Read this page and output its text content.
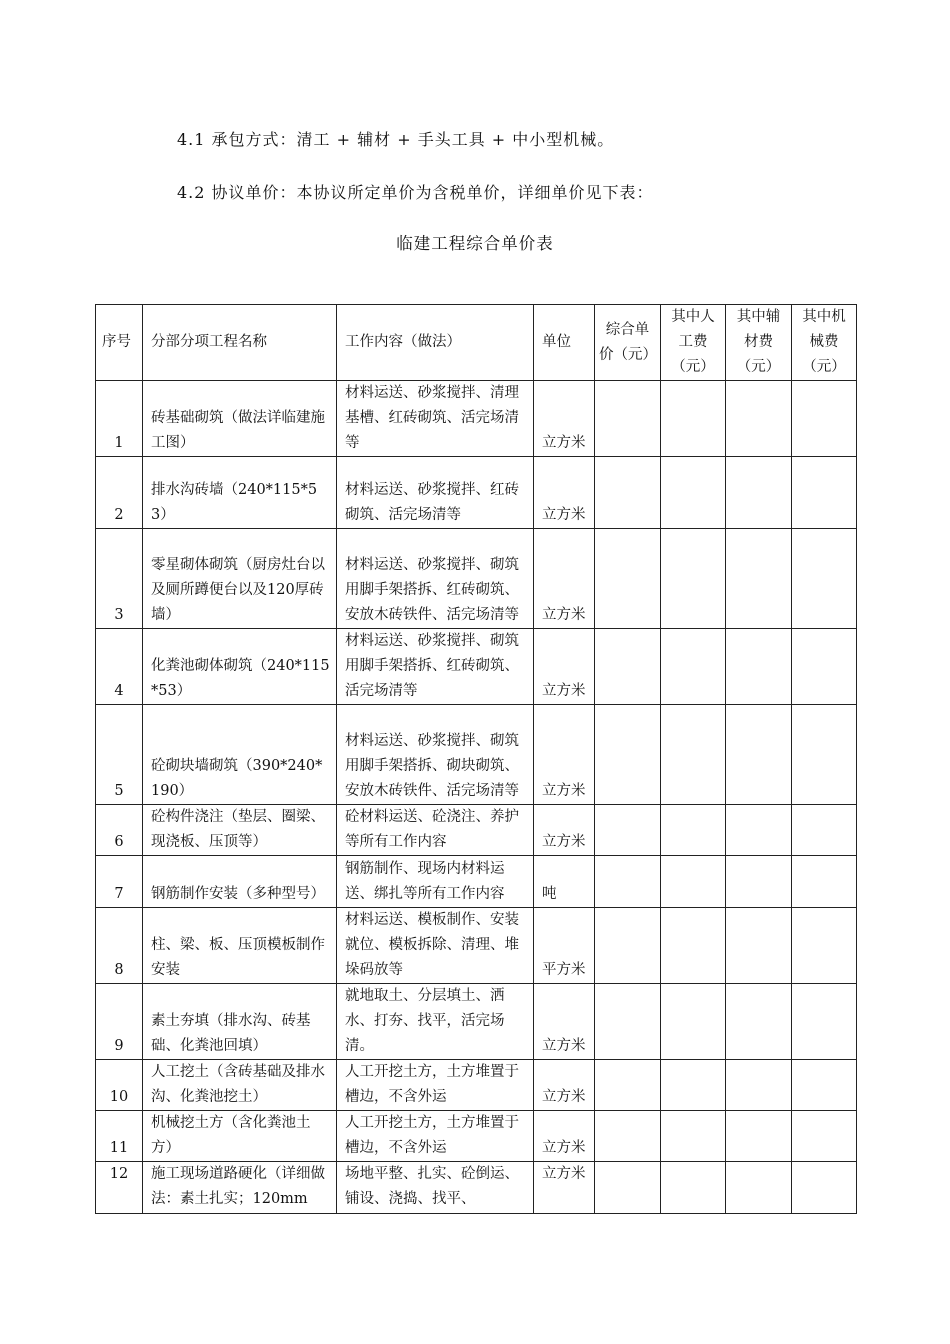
4.1 承包方式：清工 + 辅材 + 手头工具 + 中小型机械。
4.2 协议单价：本协议所定单价为含税单价，详细单价见下表：
临建工程综合单价表
序号	分部分项工程名称	工作内容（做法）	单位	综合单价（元）	其中人工费（元）	其中辅材费（元）	其中机械费（元）
1	砖基础砌筑（做法详临建施工图）	材料运送、砂浆搅拌、清理基槽、红砖砌筑、活完场清等	立方米				
2	排水沟砖墙（240*115*53）	材料运送、砂浆搅拌、红砖砌筑、活完场清等	立方米				
3	零星砌体砌筑（厨房灶台以及厕所蹲便台以及120厚砖墙）	材料运送、砂浆搅拌、砌筑用脚手架搭拆、红砖砌筑、安放木砖铁件、活完场清等	立方米				
4	化粪池砌体砌筑（240*115*53）	材料运送、砂浆搅拌、砌筑用脚手架搭拆、红砖砌筑、活完场清等	立方米				
5	砼砌块墙砌筑（390*240*190）	材料运送、砂浆搅拌、砌筑用脚手架搭拆、砌块砌筑、安放木砖铁件、活完场清等	立方米				
6	砼构件浇注（垫层、圈梁、现浇板、压顶等）	砼材料运送、砼浇注、养护等所有工作内容	立方米				
7	钢筋制作安装（多种型号）	钢筋制作、现场内材料运送、绑扎等所有工作内容	吨				
8	柱、梁、板、压顶模板制作安装	材料运送、模板制作、安装就位、模板拆除、清理、堆垛码放等	平方米				
9	素土夯填（排水沟、砖基础、化粪池回填）	就地取土、分层填土、洒水、打夯、找平，活完场清。	立方米				
10	人工挖土（含砖基础及排水沟、化粪池挖土）	人工开挖土方，土方堆置于槽边，不含外运	立方米				
11	机械挖土方（含化粪池土方）	人工开挖土方，土方堆置于槽边，不含外运	立方米				
12	施工现场道路硬化（详细做法：素土扎实；120mm	场地平整、扎实、砼倒运、铺设、浇捣、找平、	立方米				
